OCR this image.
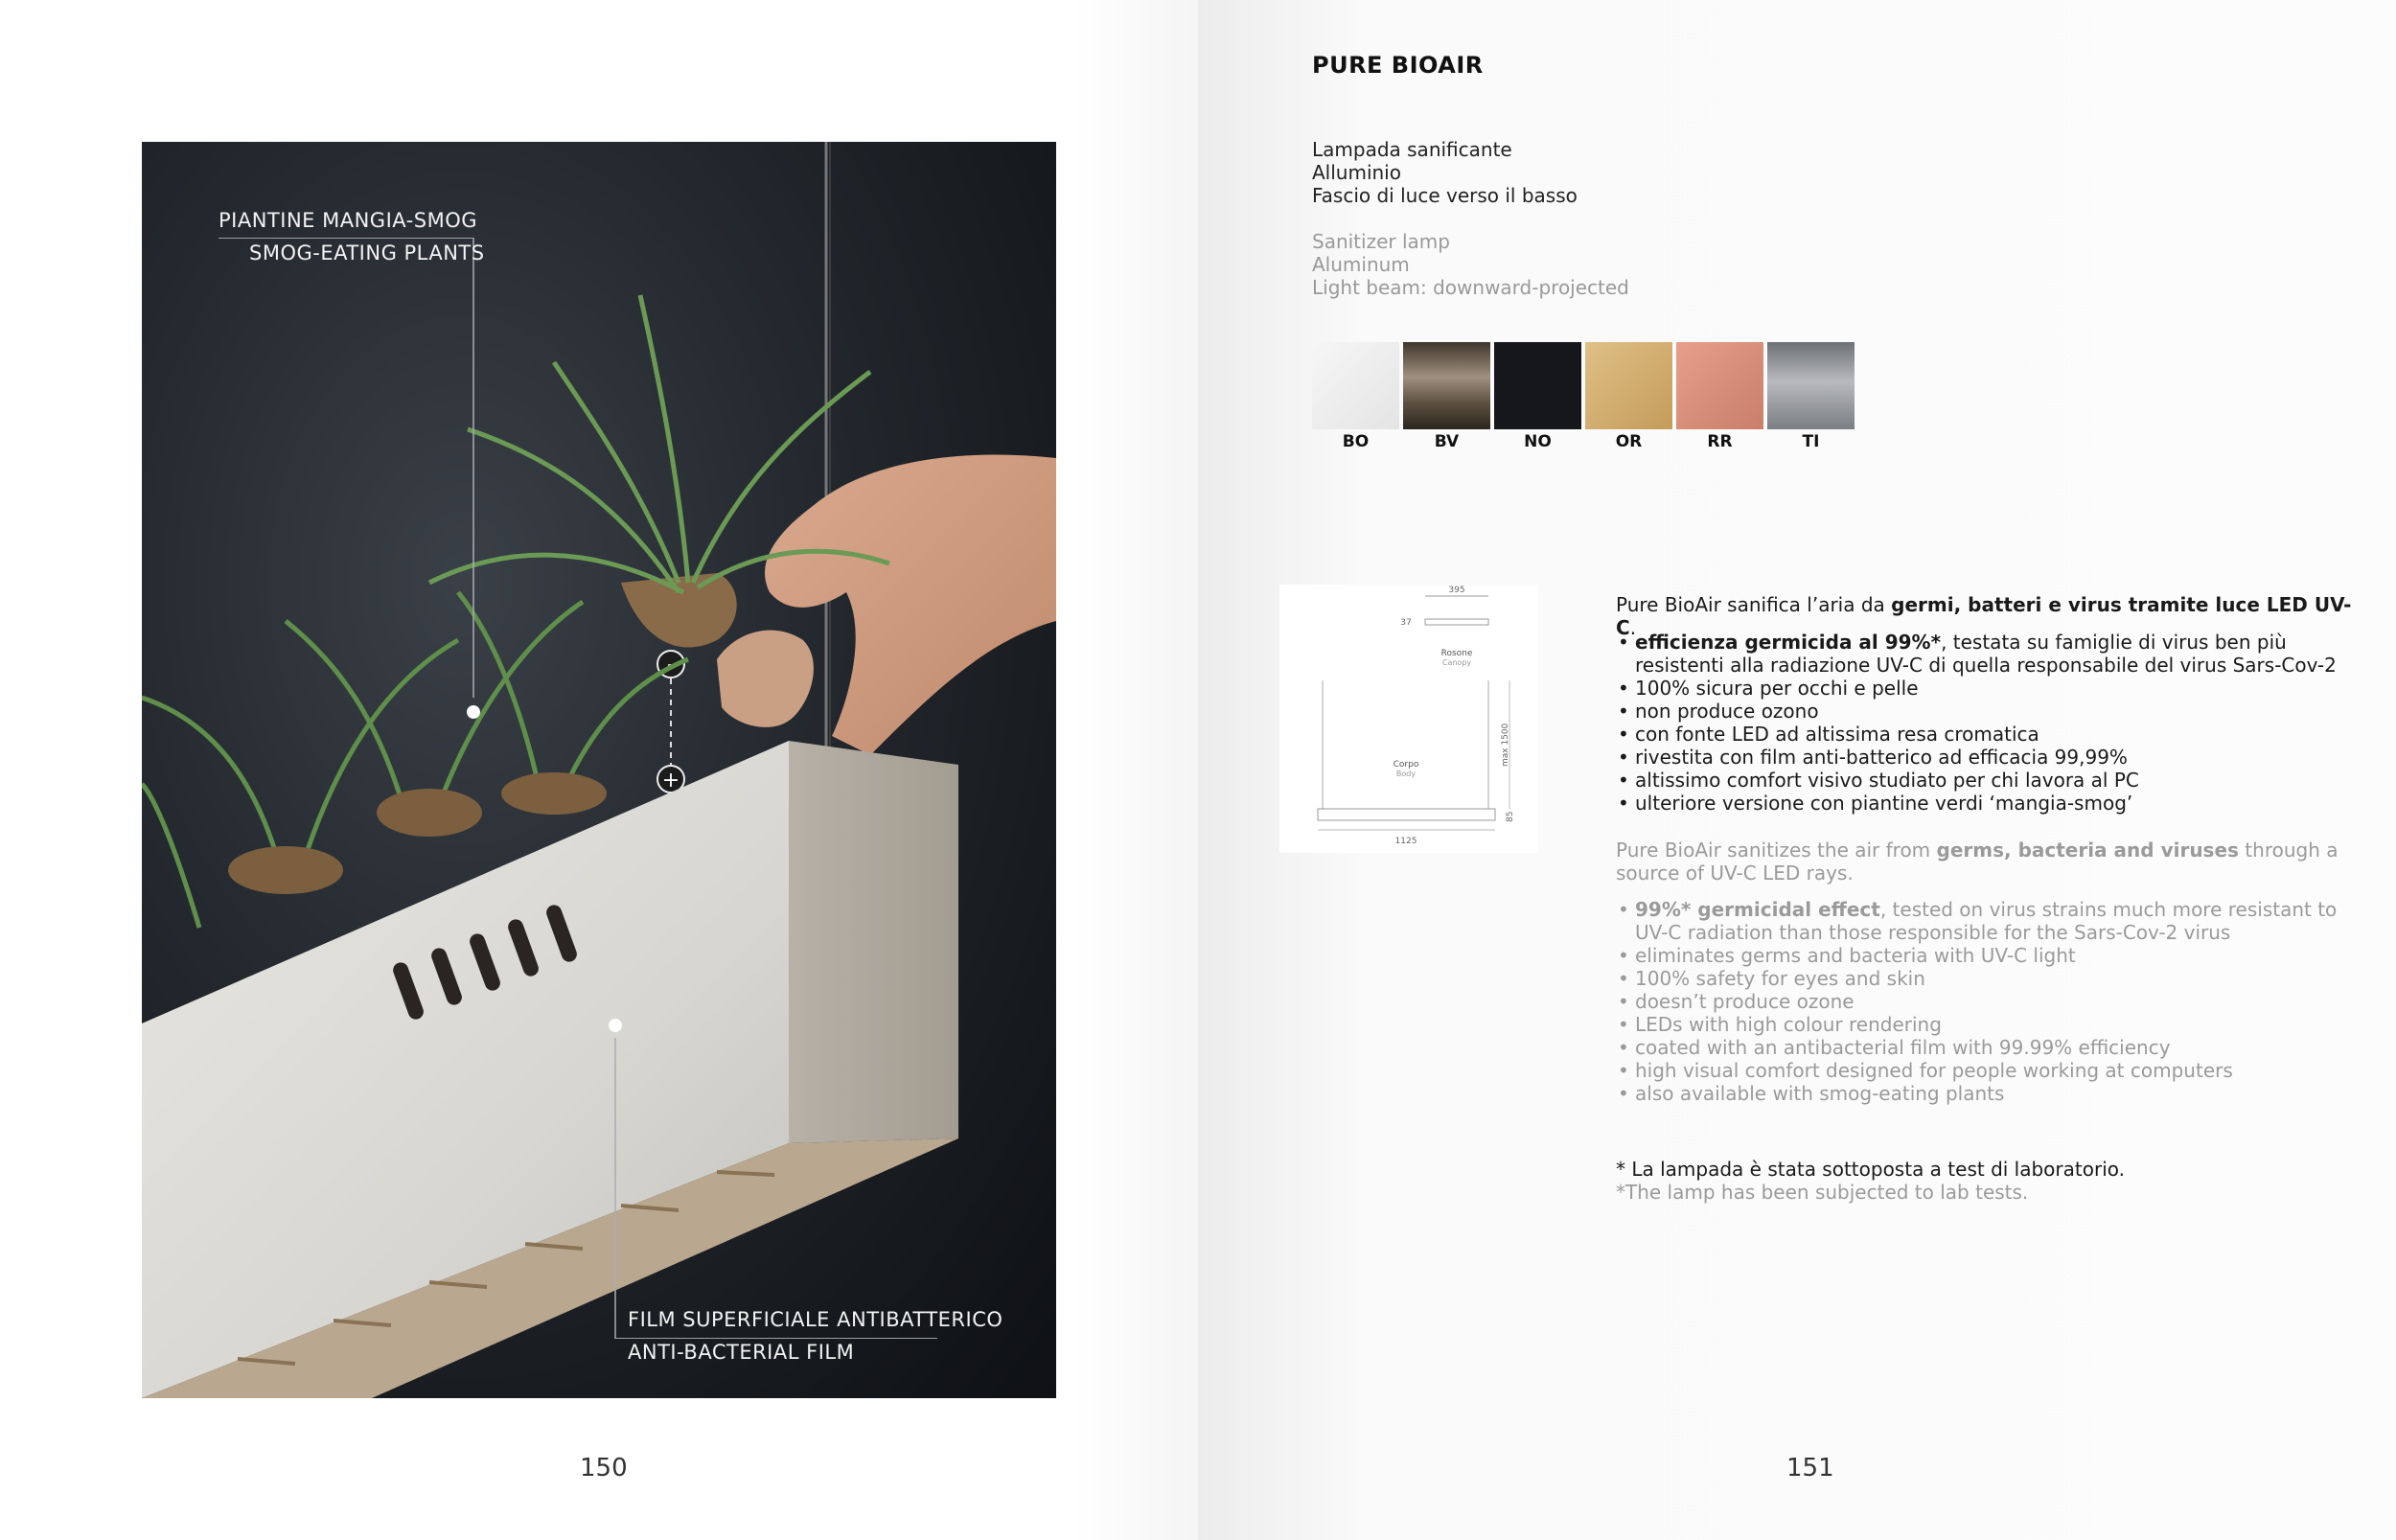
-
+
PIANTINE MANGIA-SMOG
SMOG-EATING PLANTS
FILM SUPERFICIALE ANTIBATTERICO
ANTI-BACTERIAL FILM
150
PURE BIOAIR
Lampada sanificante
Alluminio
Fascio di luce verso il basso
Sanitizer lamp
Aluminum
Light beam: downward-projected
BO	BV	NO	OR	RR	TI
395
37
Rosone
Canopy
max 1500
Corpo
Body
85
1125
Pure BioAir sanifica l’aria da germi, batteri e virus tramite luce LED UV-C.
• efficienza germicida al 99%*, testata su famiglie di virus ben più resistenti alla radiazione UV-C di quella responsabile del virus Sars-Cov-2
• 100% sicura per occhi e pelle
• non produce ozono
• con fonte LED ad altissima resa cromatica
• rivestita con film anti-batterico ad efficacia 99,99%
• altissimo comfort visivo studiato per chi lavora al PC
• ulteriore versione con piantine verdi ‘mangia-smog’
Pure BioAir sanitizes the air from germs, bacteria and viruses through a source of UV-C LED rays.
• 99%* germicidal effect, tested on virus strains much more resistant to UV-C radiation than those responsible for the Sars-Cov-2 virus
• eliminates germs and bacteria with UV-C light
• 100% safety for eyes and skin
• doesn’t produce ozone
• LEDs with high colour rendering
• coated with an antibacterial film with 99.99% efficiency
• high visual comfort designed for people working at computers
• also available with smog-eating plants
* La lampada è stata sottoposta a test di laboratorio.
*The lamp has been subjected to lab tests.
151
